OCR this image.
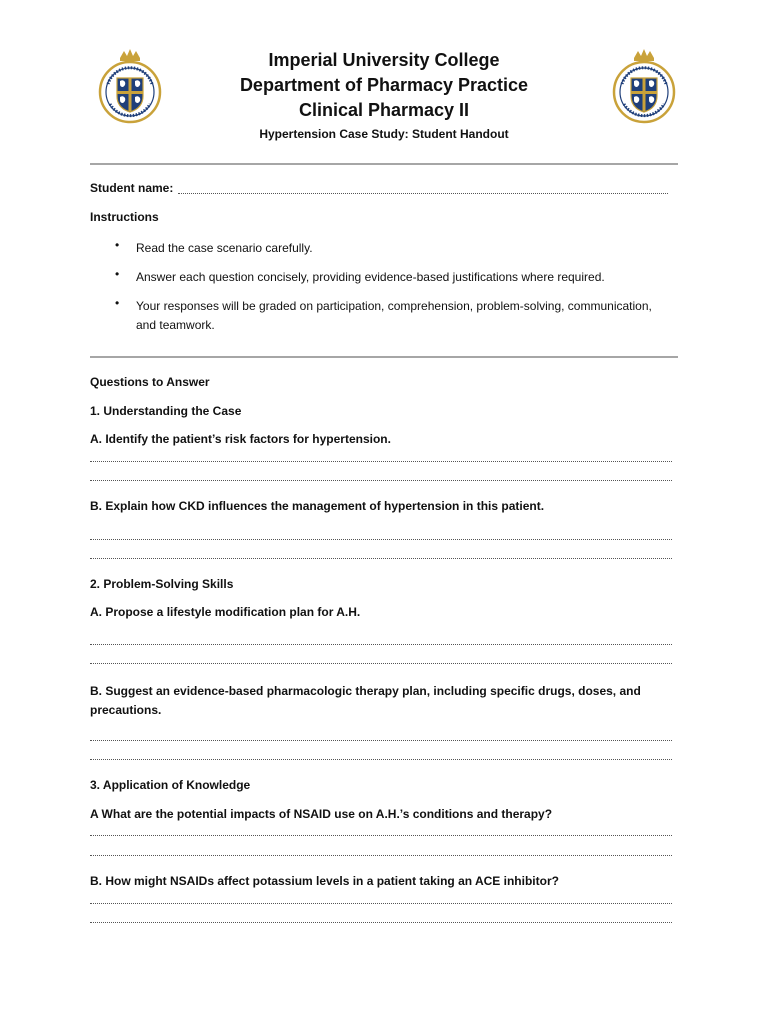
Imperial University College
Department of Pharmacy Practice
Clinical Pharmacy II
Hypertension Case Study: Student Handout
Student name:
Instructions
• Read the case scenario carefully.
• Answer each question concisely, providing evidence-based justifications where required.
• Your responses will be graded on participation, comprehension, problem-solving, communication, and teamwork.
Questions to Answer
1. Understanding the Case
A. Identify the patient’s risk factors for hypertension.
B. Explain how CKD influences the management of hypertension in this patient.
2. Problem-Solving Skills
A. Propose a lifestyle modification plan for A.H.
B. Suggest an evidence-based pharmacologic therapy plan, including specific drugs, doses, and precautions.
3. Application of Knowledge
A What are the potential impacts of NSAID use on A.H.’s conditions and therapy?
B. How might NSAIDs affect potassium levels in a patient taking an ACE inhibitor?
